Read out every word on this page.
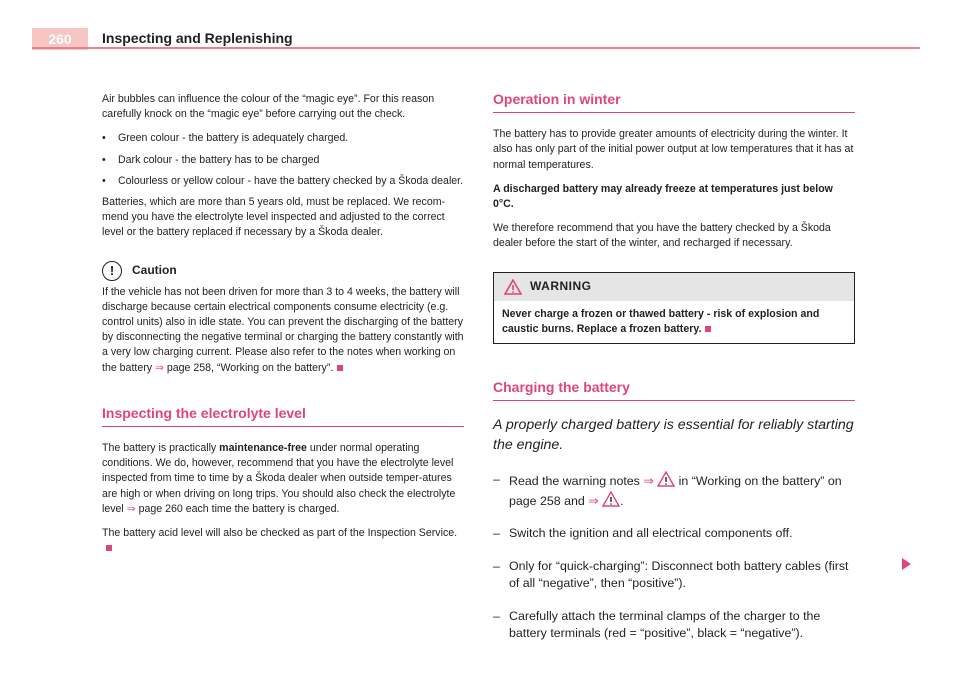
260	Inspecting and Replenishing

Air bubbles can influence the colour of the “magic eye”. For this reason carefully knock on the “magic eye” before carrying out the check.

• Green colour - the battery is adequately charged.
• Dark colour - the battery has to be charged
• Colourless or yellow colour - have the battery checked by a Škoda dealer.

Batteries, which are more than 5 years old, must be replaced. We recom-mend you have the electrolyte level inspected and adjusted to the correct level or the battery replaced if necessary by a Škoda dealer.

!	Caution

If the vehicle has not been driven for more than 3 to 4 weeks, the battery will discharge because certain electrical components consume electricity (e.g. control units) also in idle state. You can prevent the discharging of the battery by disconnecting the negative terminal or charging the battery constantly with a very low charging current. Please also refer to the notes when working on the battery ⇒ page 258, “Working on the battery”.

Inspecting the electrolyte level

The battery is practically maintenance-free under normal operating conditions. We do, however, recommend that you have the electrolyte level inspected from time to time by a Škoda dealer when outside temper-atures are high or when driving on long trips. You should also check the electrolyte level ⇒ page 260 each time the battery is charged.

The battery acid level will also be checked as part of the Inspection Service.

Operation in winter

The battery has to provide greater amounts of electricity during the winter. It also has only part of the initial power output at low temperatures that it has at normal temperatures.

A discharged battery may already freeze at temperatures just below 0°C.

We therefore recommend that you have the battery checked by a Škoda dealer before the start of the winter, and recharged if necessary.

WARNING
Never charge a frozen or thawed battery - risk of explosion and caustic burns. Replace a frozen battery.
Charging the battery
A properly charged battery is essential for reliably starting the engine.
– Read the warning notes ⇒ in “Working on the battery” on page 258 and ⇒ .
– Switch the ignition and all electrical components off.
– Only for “quick-charging”: Disconnect both battery cables (first of all “negative”, then “positive”).
– Carefully attach the terminal clamps of the charger to the battery terminals (red = “positive”, black = “negative”).
